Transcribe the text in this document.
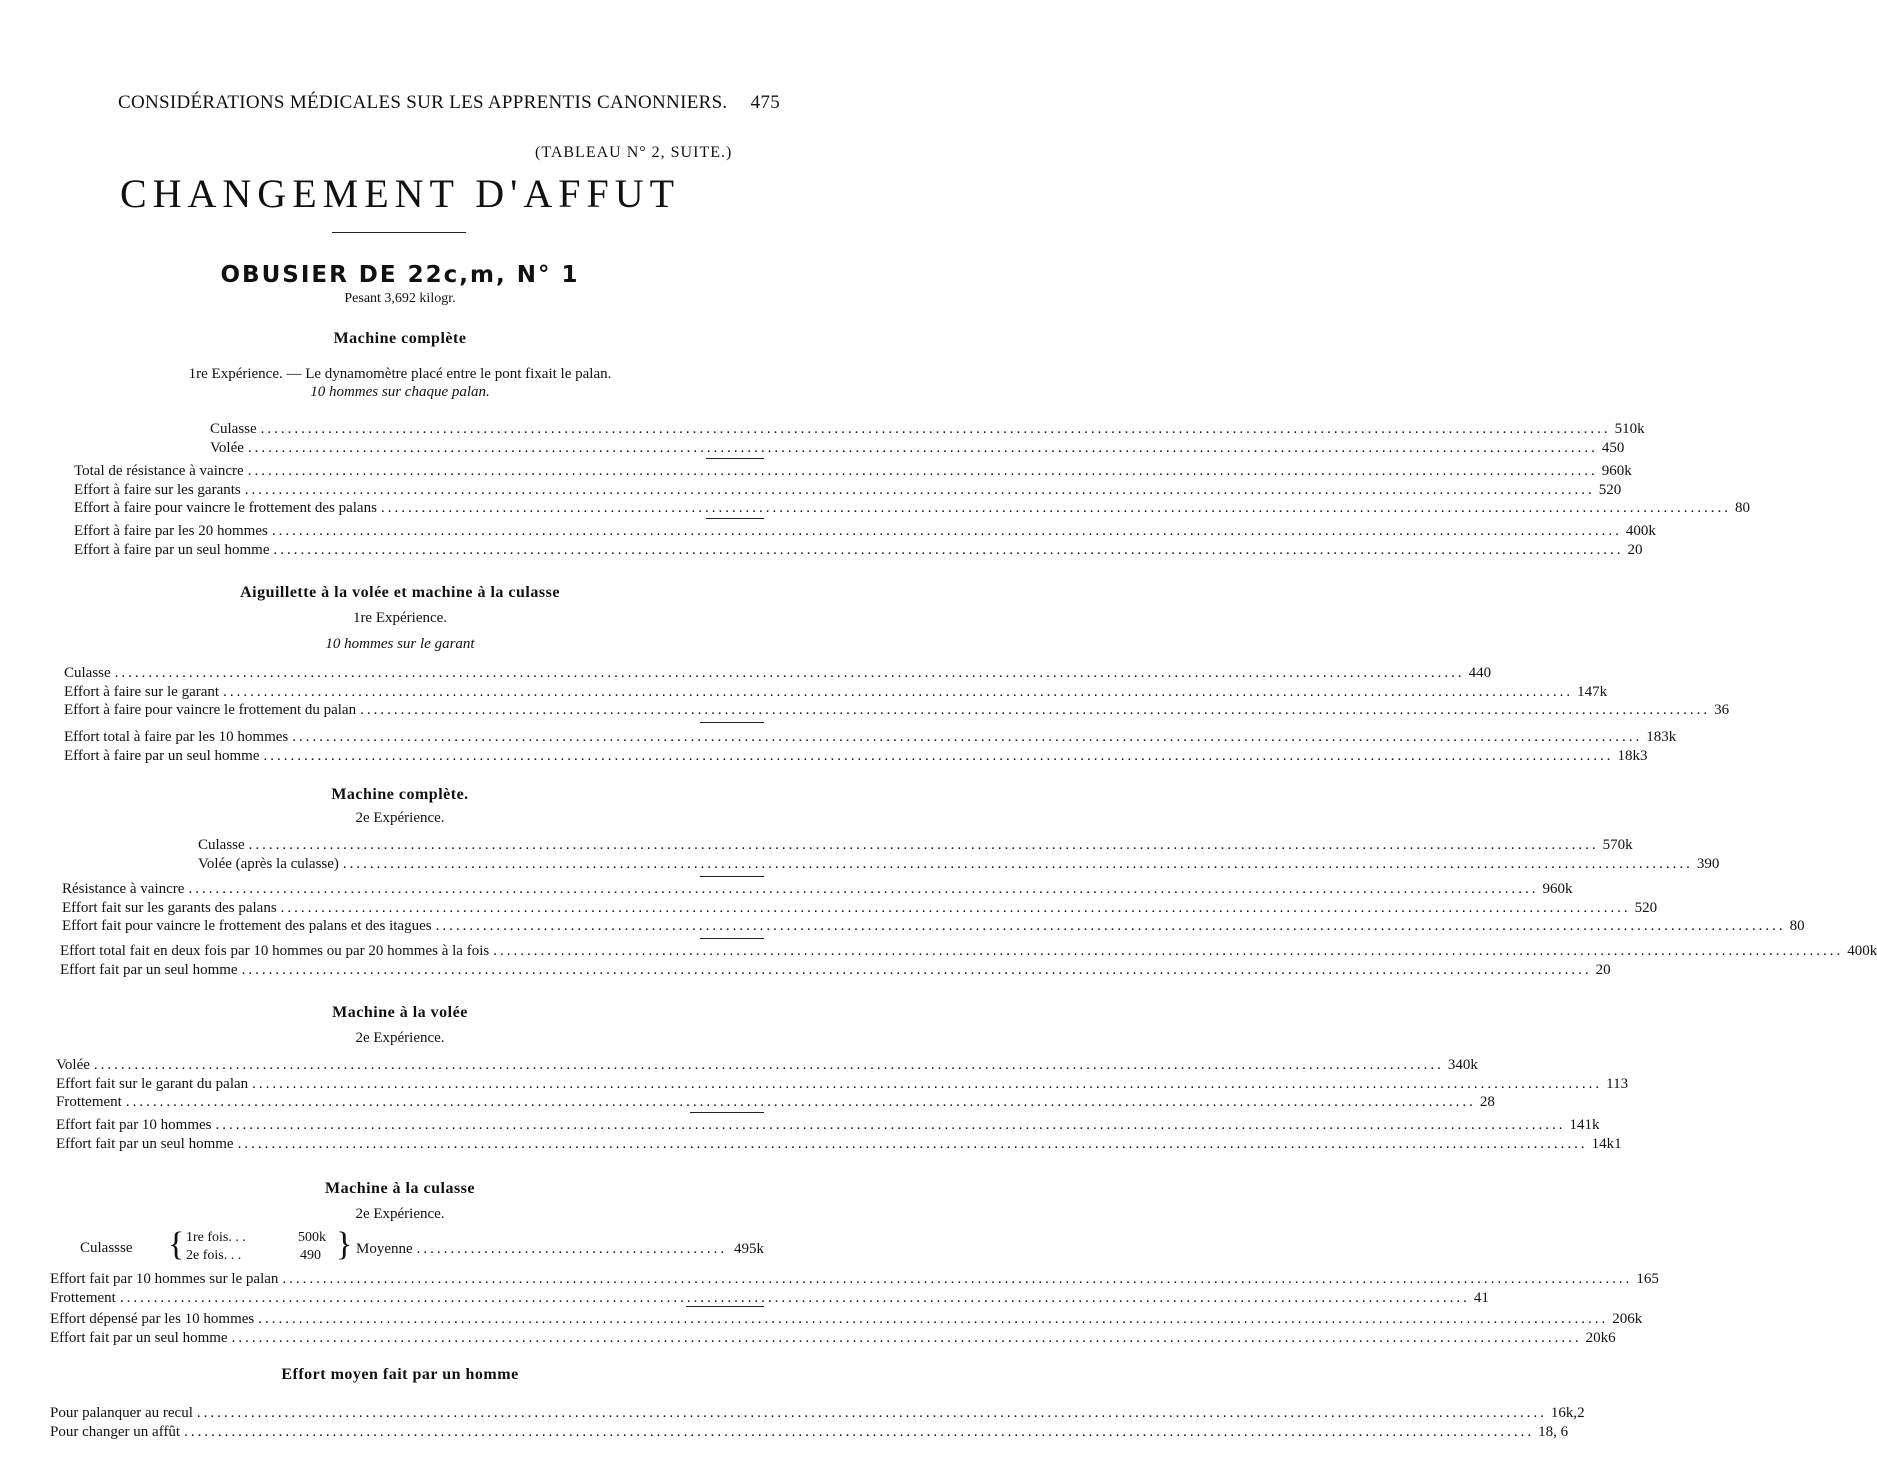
CONSIDÉRATIONS MÉDICALES SUR LES APPRENTIS CANONNIERS. 475
(TABLEAU N° 2, SUITE.)
CHANGEMENT D'AFFUT
OBUSIER DE 22c,m, N° 1
Pesant 3,692 kilogr.
Machine complète
1re Expérience. — Le dynamomètre placé entre le pont fixait le palan.
10 hommes sur chaque palan.
Culasse ........................................................................................................................................................................................................ 510k
Volée ........................................................................................................................................................................................................ 450
Total de résistance à vaincre ........................................................................................................................................................................................................ 960k
Effort à faire sur les garants ........................................................................................................................................................................................................ 520
Effort à faire pour vaincre le frottement des palans ........................................................................................................................................................................................................ 80
Effort à faire par les 20 hommes ........................................................................................................................................................................................................ 400k
Effort à faire par un seul homme ........................................................................................................................................................................................................ 20
Aiguillette à la volée et machine à la culasse
1re Expérience.
10 hommes sur le garant
Culasse ........................................................................................................................................................................................................ 440
Effort à faire sur le garant ........................................................................................................................................................................................................ 147k
Effort à faire pour vaincre le frottement du palan ........................................................................................................................................................................................................ 36
Effort total à faire par les 10 hommes ........................................................................................................................................................................................................ 183k
Effort à faire par un seul homme ........................................................................................................................................................................................................ 18k3
Machine complète.
2e Expérience.
Culasse ........................................................................................................................................................................................................ 570k
Volée (après la culasse) ........................................................................................................................................................................................................ 390
Résistance à vaincre ........................................................................................................................................................................................................ 960k
Effort fait sur les garants des palans ........................................................................................................................................................................................................ 520
Effort fait pour vaincre le frottement des palans et des itagues ........................................................................................................................................................................................................ 80
Effort total fait en deux fois par 10 hommes ou par 20 hommes à la fois ........................................................................................................................................................................................................ 400k
Effort fait par un seul homme ........................................................................................................................................................................................................ 20
Machine à la volée
2e Expérience.
Volée ........................................................................................................................................................................................................ 340k
Effort fait sur le garant du palan ........................................................................................................................................................................................................ 113
Frottement ........................................................................................................................................................................................................ 28
Effort fait par 10 hommes ........................................................................................................................................................................................................ 141k
Effort fait par un seul homme ........................................................................................................................................................................................................ 14k1
Machine à la culasse
2e Expérience.
Culassse { 1re fois. . .
2e fois. . .
500k
490 } Moyenne .............................................. 495k
Effort fait par 10 hommes sur le palan ........................................................................................................................................................................................................ 165
Frottement ........................................................................................................................................................................................................ 41
Effort dépensé par les 10 hommes ........................................................................................................................................................................................................ 206k
Effort fait par un seul homme ........................................................................................................................................................................................................ 20k6
Effort moyen fait par un homme
Pour palanquer au recul ........................................................................................................................................................................................................ 16k,2
Pour changer un affût ........................................................................................................................................................................................................ 18, 6
